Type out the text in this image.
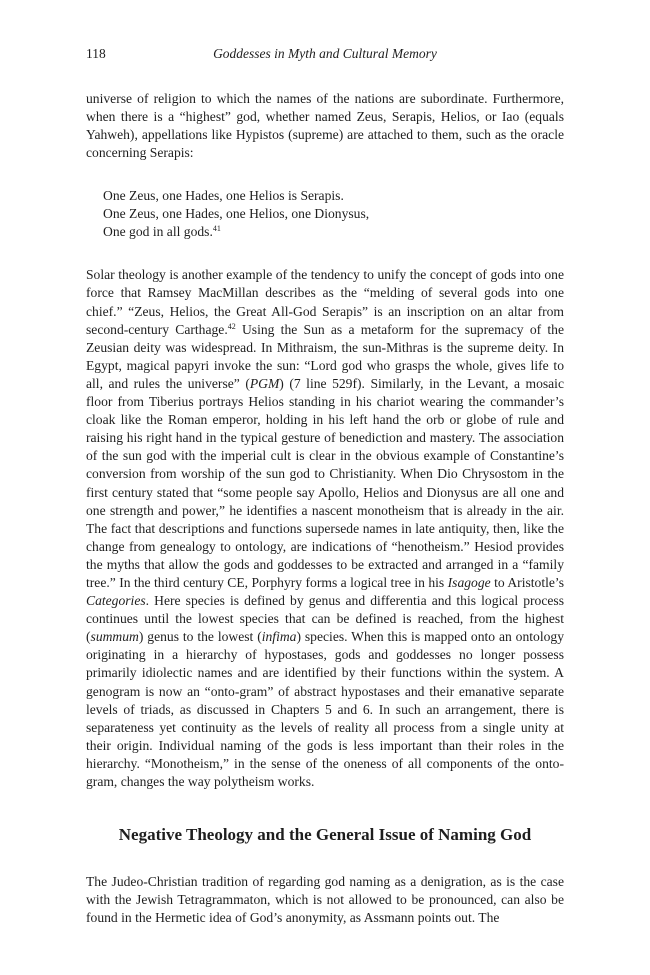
118	Goddesses in Myth and Cultural Memory

universe of religion to which the names of the nations are subordinate. Furthermore, when there is a “highest” god, whether named Zeus, Serapis, Helios, or Iao (equals Yahweh), appellations like Hypistos (supreme) are attached to them, such as the oracle concerning Serapis:

One Zeus, one Hades, one Helios is Serapis.
One Zeus, one Hades, one Helios, one Dionysus,
One god in all gods.$^{41}$

Solar theology is another example of the tendency to unify the concept of gods into one force that Ramsey MacMillan describes as the “melding of several gods into one chief.” “Zeus, Helios, the Great All-God Serapis” is an inscription on an altar from second-century Carthage.$^{42}$ Using the Sun as a metaform for the supremacy of the Zeusian deity was widespread. In Mithraism, the sun-Mithras is the supreme deity. In Egypt, magical papyri invoke the sun: “Lord god who grasps the whole, gives life to all, and rules the universe” (PGM) (7 line 529f). Similarly, in the Levant, a mosaic floor from Tiberius portrays Helios standing in his chariot wearing the commander’s cloak like the Roman emperor, holding in his left hand the orb or globe of rule and raising his right hand in the typical gesture of benediction and mastery. The association of the sun god with the imperial cult is clear in the obvious example of Constantine’s conversion from worship of the sun god to Christianity. When Dio Chrysostom in the first century stated that “some people say Apollo, Helios and Dionysus are all one and one strength and power,” he identifies a nascent monotheism that is already in the air. The fact that descriptions and functions supersede names in late antiquity, then, like the change from genealogy to ontology, are indications of “henotheism.” Hesiod provides the myths that allow the gods and goddesses to be extracted and arranged in a “family tree.” In the third century CE, Porphyry forms a logical tree in his Isagoge to Aristotle’s Categories. Here species is defined by genus and differentia and this logical process continues until the lowest species that can be defined is reached, from the highest (summum) genus to the lowest (infima) species. When this is mapped onto an ontology originating in a hierarchy of hypostases, gods and goddesses no longer possess primarily idiolectic names and are identified by their functions within the system. A genogram is now an “onto-gram” of abstract hypostases and their emanative separate levels of triads, as discussed in Chapters 5 and 6. In such an arrangement, there is separateness yet continuity as the levels of reality all process from a single unity at their origin. Individual naming of the gods is less important than their roles in the hierarchy. “Monotheism,” in the sense of the oneness of all components of the onto-gram, changes the way polytheism works.

Negative Theology and the General Issue of Naming God

The Judeo-Christian tradition of regarding god naming as a denigration, as is the case with the Jewish Tetragrammaton, which is not allowed to be pronounced, can also be found in the Hermetic idea of God’s anonymity, as Assmann points out. The
